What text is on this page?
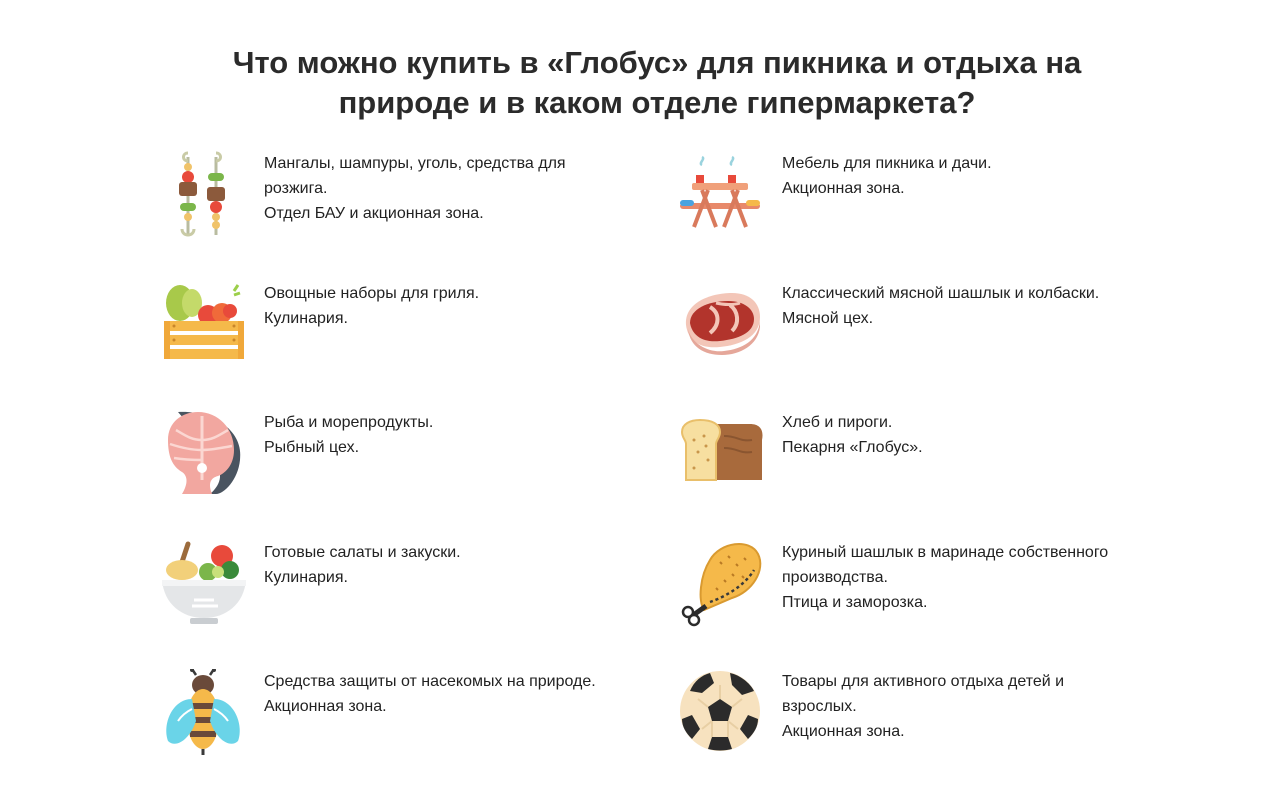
Что можно купить в «Глобус» для пикника и отдыха на
природе и в каком отделе гипермаркета?
Мангалы, шампуры, уголь, средства для
розжига.
Отдел БАУ и акционная зона.
Мебель для пикника и дачи.
Акционная зона.
Овощные наборы для гриля.
Кулинария.
Классический мясной шашлык и колбаски.
Мясной цех.
Рыба и морепродукты.
Рыбный цех.
Хлеб и пироги.
Пекарня «Глобус».
Готовые салаты и закуски.
Кулинария.
Куриный шашлык в маринаде собственного
производства.
Птица и заморозка.
Средства защиты от насекомых на природе.
Акционная зона.
Товары для активного отдыха детей и
взрослых.
Акционная зона.
